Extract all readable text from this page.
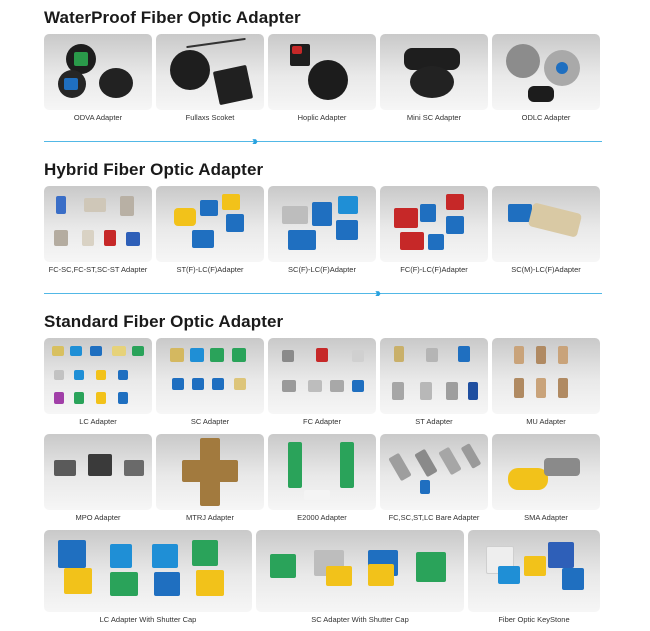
WaterProof Fiber Optic Adapter
ODVA Adapter	Fullaxs Scoket	Hoplic Adapter	Mini SC Adapter	ODLC Adapter
›››
Hybrid Fiber Optic Adapter
FC-SC,FC-ST,SC-ST Adapter	ST(F)-LC(F)Adapter	SC(F)-LC(F)Adapter	FC(F)-LC(F)Adapter	SC(M)-LC(F)Adapter
›››
Standard Fiber Optic Adapter
LC Adapter	SC Adapter	FC Adapter	ST Adapter	MU Adapter
MPO Adapter	MTRJ Adapter	E2000 Adapter	FC,SC,ST,LC Bare Adapter	SMA Adapter
LC Adapter With Shutter Cap	SC Adapter With Shutter Cap	Fiber Optic KeyStone
